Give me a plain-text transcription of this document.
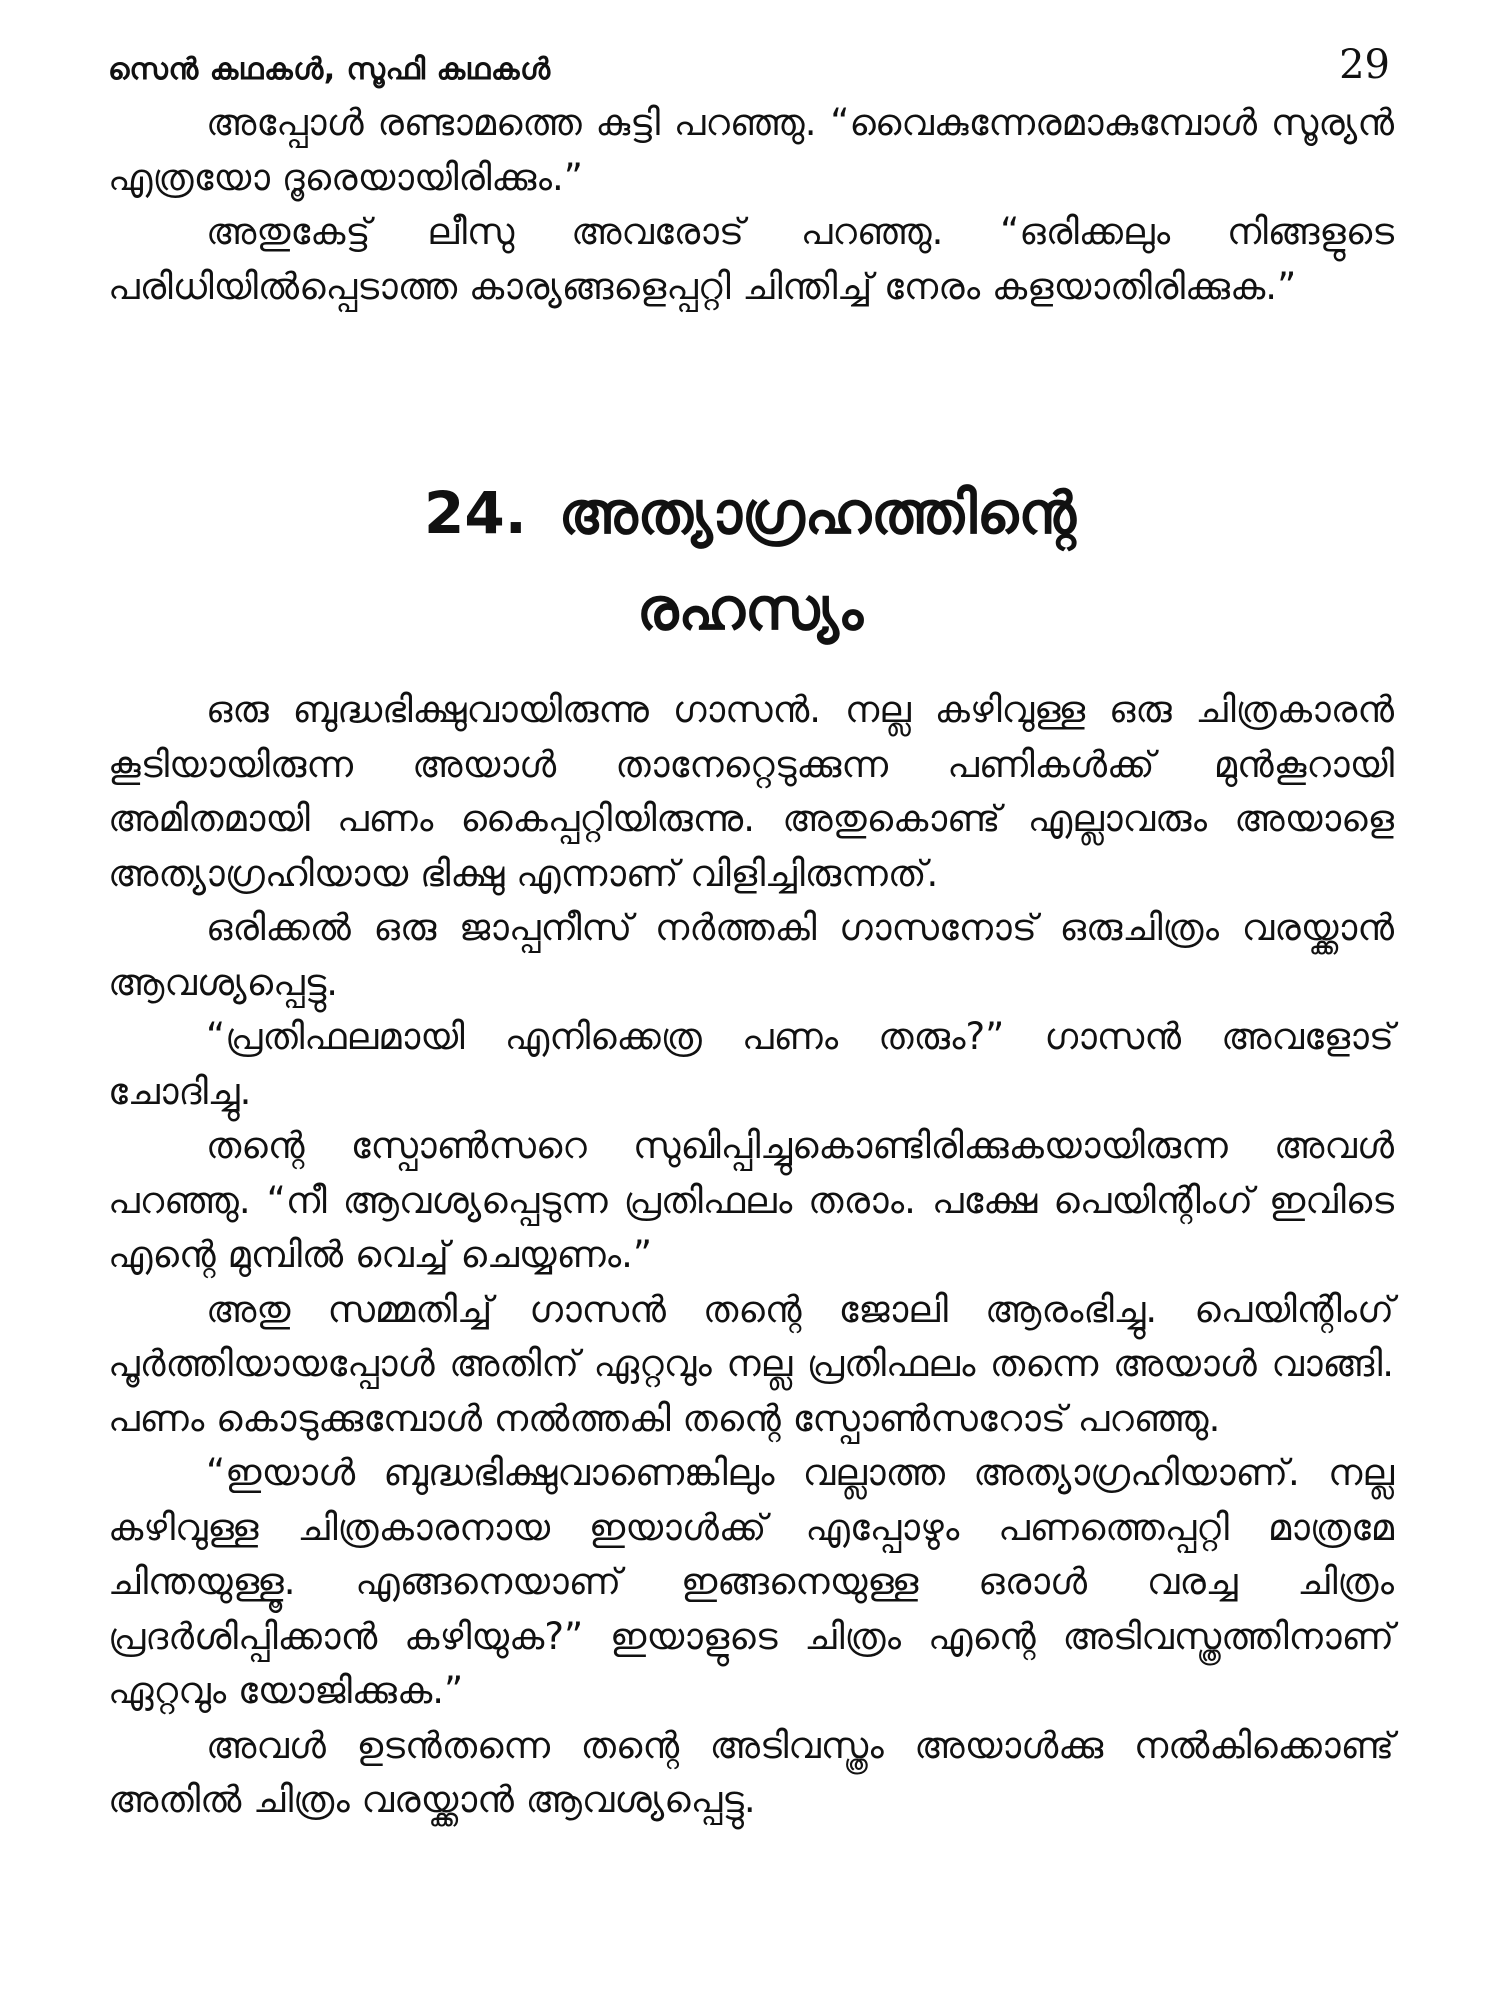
സെൻ കഥകൾ, സൂഫി കഥകൾ	29

അപ്പോൾ രണ്ടാമത്തെ കുട്ടി പറഞ്ഞു. “വൈകുന്നേരമാകുമ്പോൾ സൂര്യൻ എത്രയോ ദൂരെയായിരിക്കും.”

അതുകേട്ട് ലീസു അവരോട് പറഞ്ഞു. “ഒരിക്കലും നിങ്ങളുടെ പരിധിയിൽപ്പെടാത്ത കാര്യങ്ങളെപ്പറ്റി ചിന്തിച്ച് നേരം കളയാതിരിക്കുക.”

24. അത്യാഗ്രഹത്തിന്റെ
രഹസ്യം

ഒരു ബുദ്ധഭിക്ഷുവായിരുന്നു ഗാസൻ. നല്ല കഴിവുള്ള ഒരു ചിത്രകാരൻ കൂടിയായിരുന്ന അയാൾ താനേറ്റെടുക്കുന്ന പണികൾക്ക് മുൻകൂറായി അമിതമായി പണം കൈപ്പറ്റിയിരുന്നു. അതുകൊണ്ട് എല്ലാവരും അയാളെ അത്യാഗ്രഹിയായ ഭിക്ഷു എന്നാണ് വിളിച്ചിരുന്നത്.

ഒരിക്കൽ ഒരു ജാപ്പനീസ് നർത്തകി ഗാസനോട് ഒരുചിത്രം വരയ്ക്കാൻ ആവശ്യപ്പെട്ടു.

“പ്രതിഫലമായി എനിക്കെത്ര പണം തരും?” ഗാസൻ അവളോട് ചോദിച്ചു.

തന്റെ സ്പോൺസറെ സുഖിപ്പിച്ചുകൊണ്ടിരിക്കുകയായിരുന്ന അവൾ പറഞ്ഞു. “നീ ആവശ്യപ്പെടുന്ന പ്രതിഫലം തരാം. പക്ഷേ പെയിന്റിംഗ് ഇവിടെ എന്റെ മുമ്പിൽ വെച്ച് ചെയ്യണം.”

അതു സമ്മതിച്ച് ഗാസൻ തന്റെ ജോലി ആരംഭിച്ചു. പെയിന്റിംഗ് പൂർത്തിയായപ്പോൾ അതിന് ഏറ്റവും നല്ല പ്രതിഫലം തന്നെ അയാൾ വാങ്ങി. പണം കൊടുക്കുമ്പോൾ നൽത്തകി തന്റെ സ്പോൺസറോട് പറഞ്ഞു.

“ഇയാൾ ബുദ്ധഭിക്ഷുവാണെങ്കിലും വല്ലാത്ത അത്യാഗ്രഹിയാണ്. നല്ല കഴിവുള്ള ചിത്രകാരനായ ഇയാൾക്ക് എപ്പോഴും പണത്തെപ്പറ്റി മാത്രമേ ചിന്തയുള്ളൂ. എങ്ങനെയാണ് ഇങ്ങനെയുള്ള ഒരാൾ വരച്ച ചിത്രം പ്രദർശിപ്പിക്കാൻ കഴിയുക?” ഇയാളുടെ ചിത്രം എന്റെ അടിവസ്ത്രത്തിനാണ് ഏറ്റവും യോജിക്കുക.”

അവൾ ഉടൻതന്നെ തന്റെ അടിവസ്ത്രം അയാൾക്കു നൽകിക്കൊണ്ട് അതിൽ ചിത്രം വരയ്ക്കാൻ ആവശ്യപ്പെട്ടു.
